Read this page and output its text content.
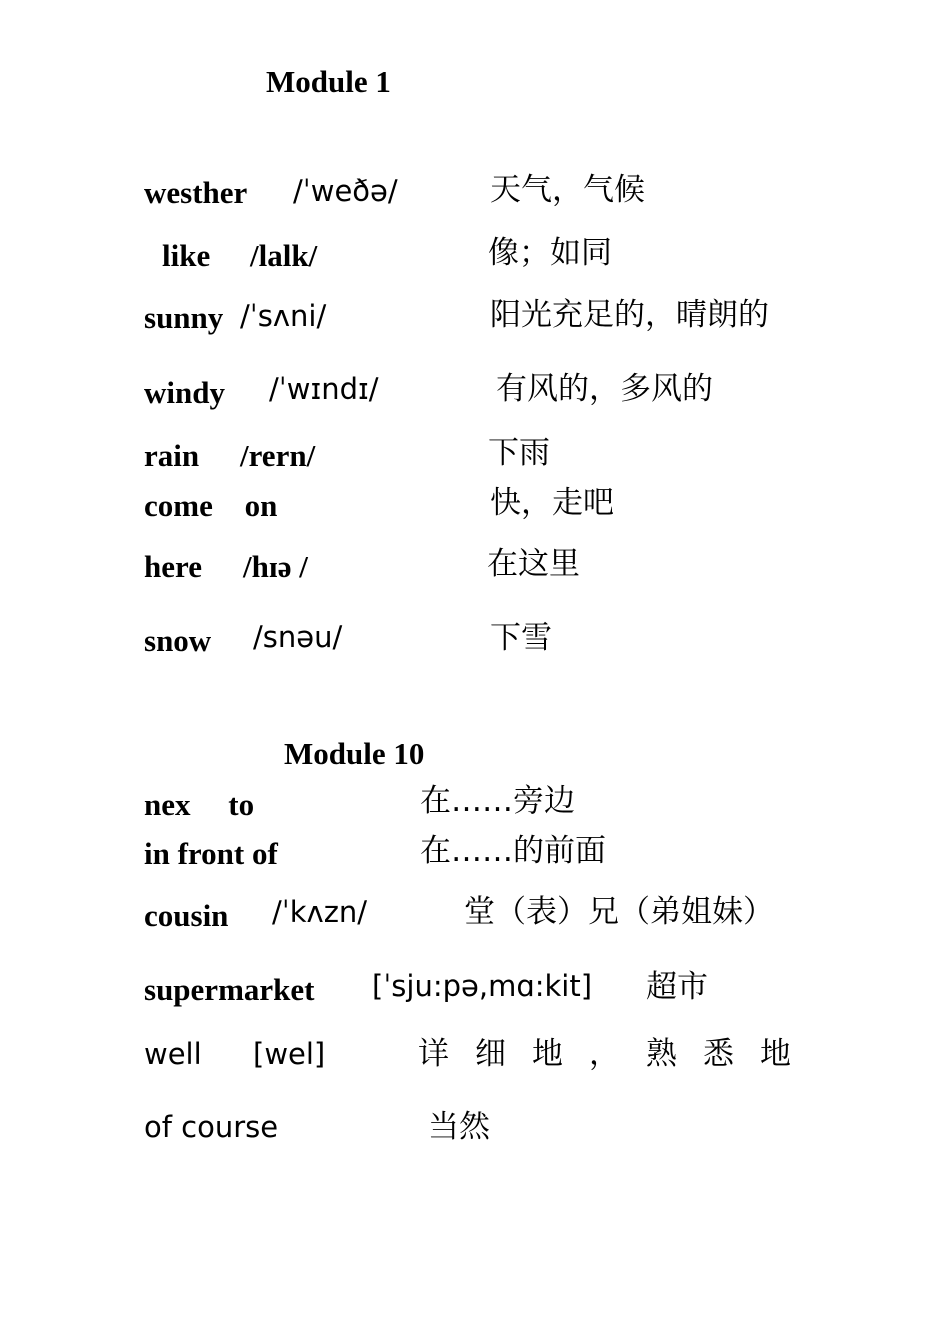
Module 1
westher /ˈweðə/	天气，气候
like /lalk/	像；如同
sunny /ˈsʌni/	阳光充足的，晴朗的
windy /ˈwɪndɪ/	有风的，多风的
rain /rern/	下雨
come on	快，走吧
here /hɪə /	在这里
snow /snəu/	下雪
Module 10
nex to	在……旁边
in front of	在……的前面
cousin /ˈkʌzn/	堂（表）兄（弟姐妹）
supermarket [ˈsju:pə,mɑ:kit] 超市
well [wel]	详细地，熟悉地
of course	当然
